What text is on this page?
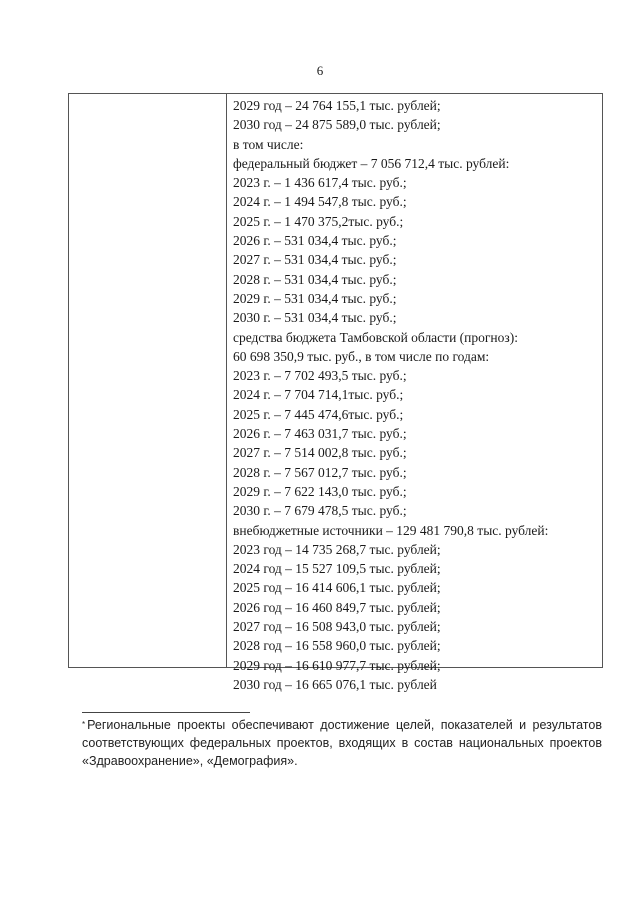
6
2029 год – 24 764 155,1 тыс. рублей;
2030 год – 24 875 589,0 тыс. рублей;
в том числе:
федеральный бюджет – 7 056 712,4 тыс. рублей:
2023 г. – 1 436 617,4 тыс. руб.;
2024 г. – 1 494 547,8 тыс. руб.;
2025 г. – 1 470 375,2тыс. руб.;
2026 г. – 531 034,4 тыс. руб.;
2027 г. – 531 034,4 тыс. руб.;
2028 г. – 531 034,4 тыс. руб.;
2029 г. – 531 034,4 тыс. руб.;
2030 г. – 531 034,4 тыс. руб.;
средства бюджета Тамбовской области (прогноз):
60 698 350,9 тыс. руб., в том числе по годам:
2023 г. – 7 702 493,5 тыс. руб.;
2024 г. – 7 704 714,1тыс. руб.;
2025 г. – 7 445 474,6тыс. руб.;
2026 г. – 7 463 031,7 тыс. руб.;
2027 г. – 7 514 002,8 тыс. руб.;
2028 г. – 7 567 012,7 тыс. руб.;
2029 г. – 7 622 143,0 тыс. руб.;
2030 г. – 7 679 478,5 тыс. руб.;
внебюджетные источники – 129 481 790,8 тыс. рублей:
2023 год – 14 735 268,7 тыс. рублей;
2024 год – 15 527 109,5 тыс. рублей;
2025 год – 16 414 606,1 тыс. рублей;
2026 год – 16 460 849,7 тыс. рублей;
2027 год – 16 508 943,0 тыс. рублей;
2028 год – 16 558 960,0 тыс. рублей;
2029 год – 16 610 977,7 тыс. рублей;
2030 год – 16 665 076,1 тыс. рублей
* Региональные проекты обеспечивают достижение целей, показателей и результатов соответствующих федеральных проектов, входящих в состав национальных проектов «Здравоохранение», «Демография».
